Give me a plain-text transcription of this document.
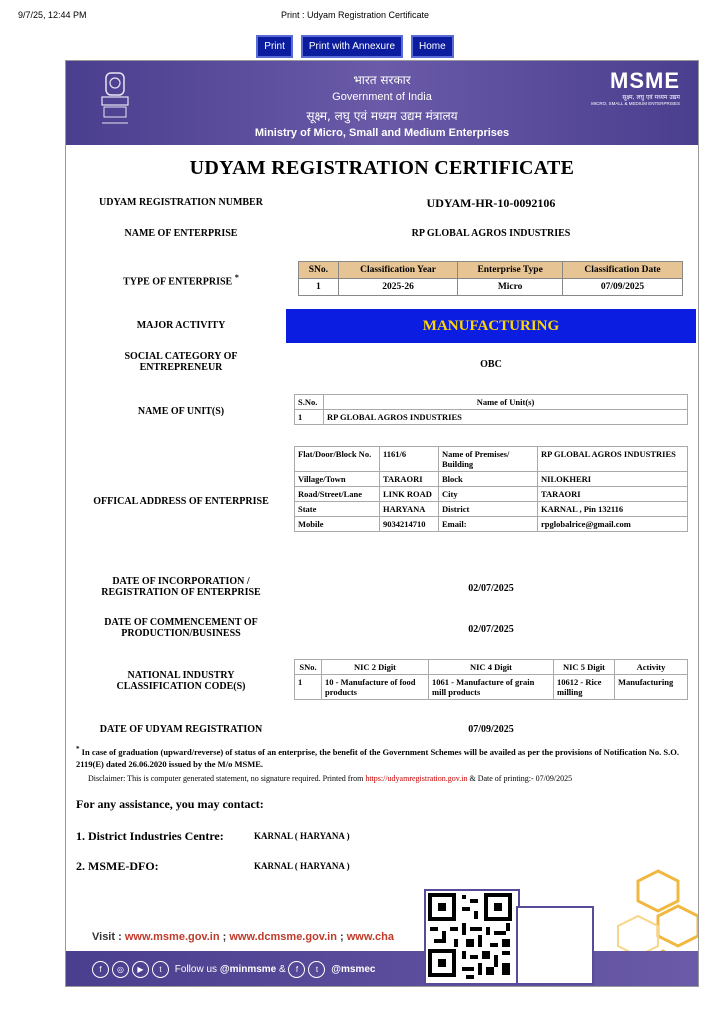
9/7/25, 12:44 PM	Print : Udyam Registration Certificate
Print Print with Annexure Home
भारत सरकार
Government of India
सूक्ष्म, लघु एवं मध्यम उद्यम मंत्रालय
Ministry of Micro, Small and Medium Enterprises
MSME
सूक्ष्म, लघु एवं मध्यम उद्यम
MICRO, SMALL & MEDIUM ENTERPRISES
UDYAM REGISTRATION CERTIFICATE
UDYAM REGISTRATION NUMBER	UDYAM-HR-10-0092106
NAME OF ENTERPRISE	RP GLOBAL AGROS INDUSTRIES
TYPE OF ENTERPRISE *
SNo.	Classification Year	Enterprise Type	Classification Date
1	2025-26	Micro	07/09/2025
MAJOR ACTIVITY	MANUFACTURING
SOCIAL CATEGORY OF ENTREPRENEUR	OBC
NAME OF UNIT(S)
S.No.	Name of Unit(s)
1	RP GLOBAL AGROS INDUSTRIES
OFFICAL ADDRESS OF ENTERPRISE
Flat/Door/Block No.	1161/6	Name of Premises/ Building	RP GLOBAL AGROS INDUSTRIES
Village/Town	TARAORI	Block	NILOKHERI
Road/Street/Lane	LINK ROAD	City	TARAORI
State	HARYANA	District	KARNAL , Pin 132116
Mobile	9034214710	Email:	rpglobalrice@gmail.com
DATE OF INCORPORATION / REGISTRATION OF ENTERPRISE	02/07/2025
DATE OF COMMENCEMENT OF PRODUCTION/BUSINESS	02/07/2025
NATIONAL INDUSTRY CLASSIFICATION CODE(S)
SNo.	NIC 2 Digit	NIC 4 Digit	NIC 5 Digit	Activity
1	10 - Manufacture of food products	1061 - Manufacture of grain mill products	10612 - Rice milling	Manufacturing
DATE OF UDYAM REGISTRATION	07/09/2025
* In case of graduation (upward/reverse) of status of an enterprise, the benefit of the Government Schemes will be availed as per the provisions of Notification No. S.O. 2119(E) dated 26.06.2020 issued by the M/o MSME.
Disclaimer: This is computer generated statement, no signature required. Printed from https://udyamregistration.gov.in & Date of printing:- 07/09/2025
For any assistance, you may contact:
1. District Industries Centre:	KARNAL ( HARYANA )
2. MSME-DFO:	KARNAL ( HARYANA )
Visit : www.msme.gov.in ; www.dcmsme.gov.in ; www.cha
f ◎ ▶ t Follow us @minmsme & f t @msmec
